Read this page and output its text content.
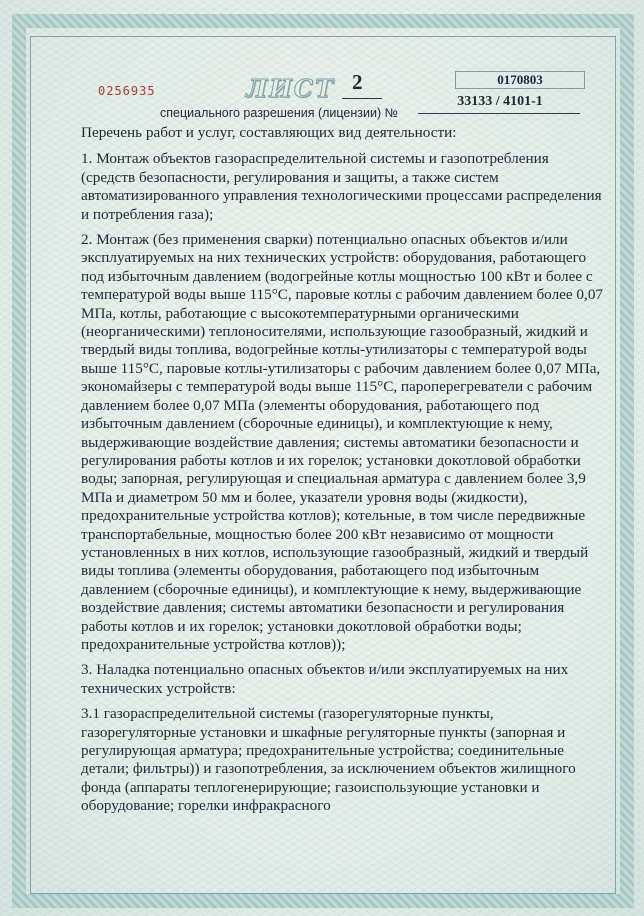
0256935	ЛИСТ 2
специального разрешения (лицензии) №
0170803
33133 / 4101-1

Перечень работ и услуг, составляющих вид деятельности:

1. Монтаж объектов газораспределительной системы и газопотребления (средств безопасности, регулирования и защиты, а также систем автоматизированного управления технологическими процессами распределения и потребления газа);

2. Монтаж (без применения сварки) потенциально опасных объектов и/или эксплуатируемых на них технических устройств: оборудования, работающего под избыточным давлением (водогрейные котлы мощностью 100 кВт и более с температурой воды выше 115°С, паровые котлы с рабочим давлением более 0,07 МПа, котлы, работающие с высокотемпературными органическими (неорганическими) теплоносителями, использующие газообразный, жидкий и твердый виды топлива, водогрейные котлы-утилизаторы с температурой воды выше 115°С, паровые котлы-утилизаторы с рабочим давлением более 0,07 МПа, экономайзеры с температурой воды выше 115°С, пароперегреватели с рабочим давлением более 0,07 МПа (элементы оборудования, работающего под избыточным давлением (сборочные единицы), и комплектующие к нему, выдерживающие воздействие давления; системы автоматики безопасности и регулирования работы котлов и их горелок; установки докотловой обработки воды; запорная, регулирующая и специальная арматура с давлением более 3,9 МПа и диаметром 50 мм и более, указатели уровня воды (жидкости), предохранительные устройства котлов); котельные, в том числе передвижные транспортабельные, мощностью более 200 кВт независимо от мощности установленных в них котлов, использующие газообразный, жидкий и твердый виды топлива (элементы оборудования, работающего под избыточным давлением (сборочные единицы), и комплектующие к нему, выдерживающие воздействие давления; системы автоматики безопасности и регулирования работы котлов и их горелок; установки докотловой обработки воды; предохранительные устройства котлов));

3. Наладка потенциально опасных объектов и/или эксплуатируемых на них технических устройств:

3.1 газораспределительной системы (газорегуляторные пункты, газорегуляторные установки и шкафные регуляторные пункты (запорная и регулирующая арматура; предохранительные устройства; соединительные детали; фильтры)) и газопотребления, за исключением объектов жилищного фонда (аппараты теплогенерирующие; газоиспользующие установки и оборудование; горелки инфракрасного
